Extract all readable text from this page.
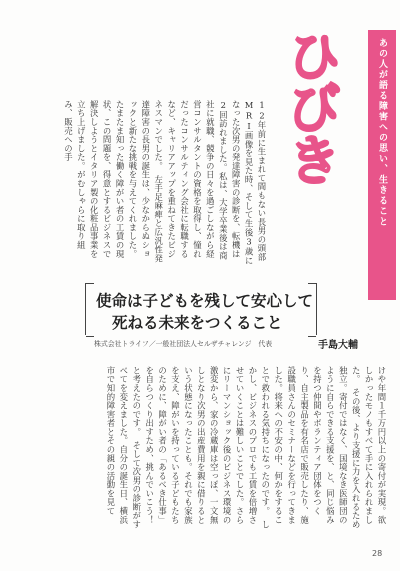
あの人が語る障害への思い、生きること
ひびき
12年前に生まれて間もない長男の頭部MRI画像を見た時、そして生後3歳になった次男の発達障害の診断を、転機は2回訪れました。私は、大学卒業後は商社に就職、競争の日々を過ごしながら経営コンサルタントの資格を取得し、憧れだったコンサルティング会社に転職するなど、キャリアアップを重ねてきたビジネスマンでした。　左手足麻痺と広汎性発達障害の長男の誕生は、少なからぬショックと新たな挑戦を与えてくれました。たまたま知った働く障がい者の工賃の現状、この問題を、得意とするビジネスで解決しようとイタリア製の化粧品事業を立ち上げました。がむしゃらに取り組み、販売への手
使命は子どもを残して安心して
死ねる未来をつくること
株式会社トライフ／一般社団法人セルザチャレンジ　代表	手島大輔
けや年間１千万円以上の寄付が実現。欲しかったモノもすべて手に入れられました。　その後、より支援に力を入れるため独立。寄付ではなく、国境なき医師団のように自らできる支援を、と、同じ悩みを持つ仲間やボランティア団体をつくり、自主製品を有名店で販売したり、施設職員さんのセミナーなどを行ってきました。将来への不安の中、何かをすることで救われる気持ちになったのです。　しかし、ビジネスのプロでも工賃を倍増させていくことは難しいことでした。さらにリーマンショック後のビジネス環境の激変から、家の冷蔵庫は空っぽ、一文無しとなり次男の出産費用を親に借りるという状態になったことも。それでも家族を支え、障がいを持っている子どもたちのために、障がい者の「あるべき仕事」を自らつくり出すため、挑んでいこう！と考えたのです。　そして次男の診断がすべてを変えました。自分の誕生日、横浜市で知的障害者とその親の活動を見て
28
